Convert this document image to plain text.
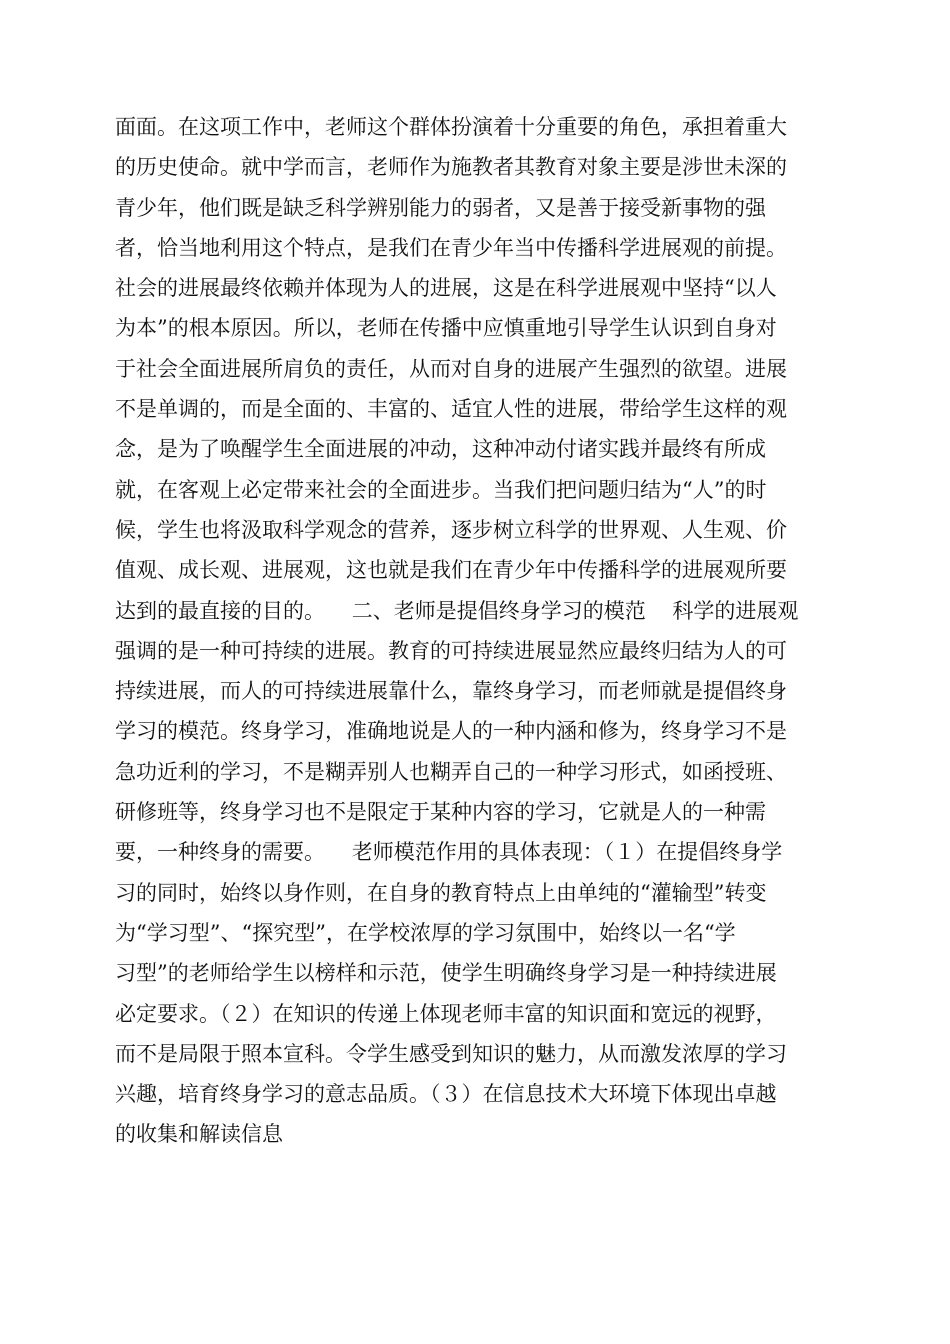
面面。在这项工作中，老师这个群体扮演着十分重要的角色，承担着重大
的历史使命。就中学而言，老师作为施教者其教育对象主要是涉世未深的
青少年，他们既是缺乏科学辨别能力的弱者，又是善于接受新事物的强
者，恰当地利用这个特点，是我们在青少年当中传播科学进展观的前提。
社会的进展最终依赖并体现为人的进展，这是在科学进展观中坚持“以人
为本”的根本原因。所以，老师在传播中应慎重地引导学生认识到自身对
于社会全面进展所肩负的责任，从而对自身的进展产生强烈的欲望。进展
不是单调的，而是全面的、丰富的、适宜人性的进展，带给学生这样的观
念，是为了唤醒学生全面进展的冲动，这种冲动付诸实践并最终有所成
就，在客观上必定带来社会的全面进步。当我们把问题归结为“人”的时
候，学生也将汲取科学观念的营养，逐步树立科学的世界观、人生观、价
值观、成长观、进展观，这也就是我们在青少年中传播科学的进展观所要
达到的最直接的目的。    二、老师是提倡终身学习的模范    科学的进展观
强调的是一种可持续的进展。教育的可持续进展显然应最终归结为人的可
持续进展，而人的可持续进展靠什么，靠终身学习，而老师就是提倡终身
学习的模范。终身学习，准确地说是人的一种内涵和修为，终身学习不是
急功近利的学习，不是糊弄别人也糊弄自己的一种学习形式，如函授班、
研修班等，终身学习也不是限定于某种内容的学习，它就是人的一种需
要，一种终身的需要。    老师模范作用的具体表现：（１）在提倡终身学
习的同时，始终以身作则，在自身的教育特点上由单纯的“灌输型”转变
为“学习型”、“探究型”，在学校浓厚的学习氛围中，始终以一名“学
习型”的老师给学生以榜样和示范，使学生明确终身学习是一种持续进展
必定要求。（２）在知识的传递上体现老师丰富的知识面和宽远的视野，
而不是局限于照本宣科。令学生感受到知识的魅力，从而激发浓厚的学习
兴趣，培育终身学习的意志品质。（３）在信息技术大环境下体现出卓越
的收集和解读信息
